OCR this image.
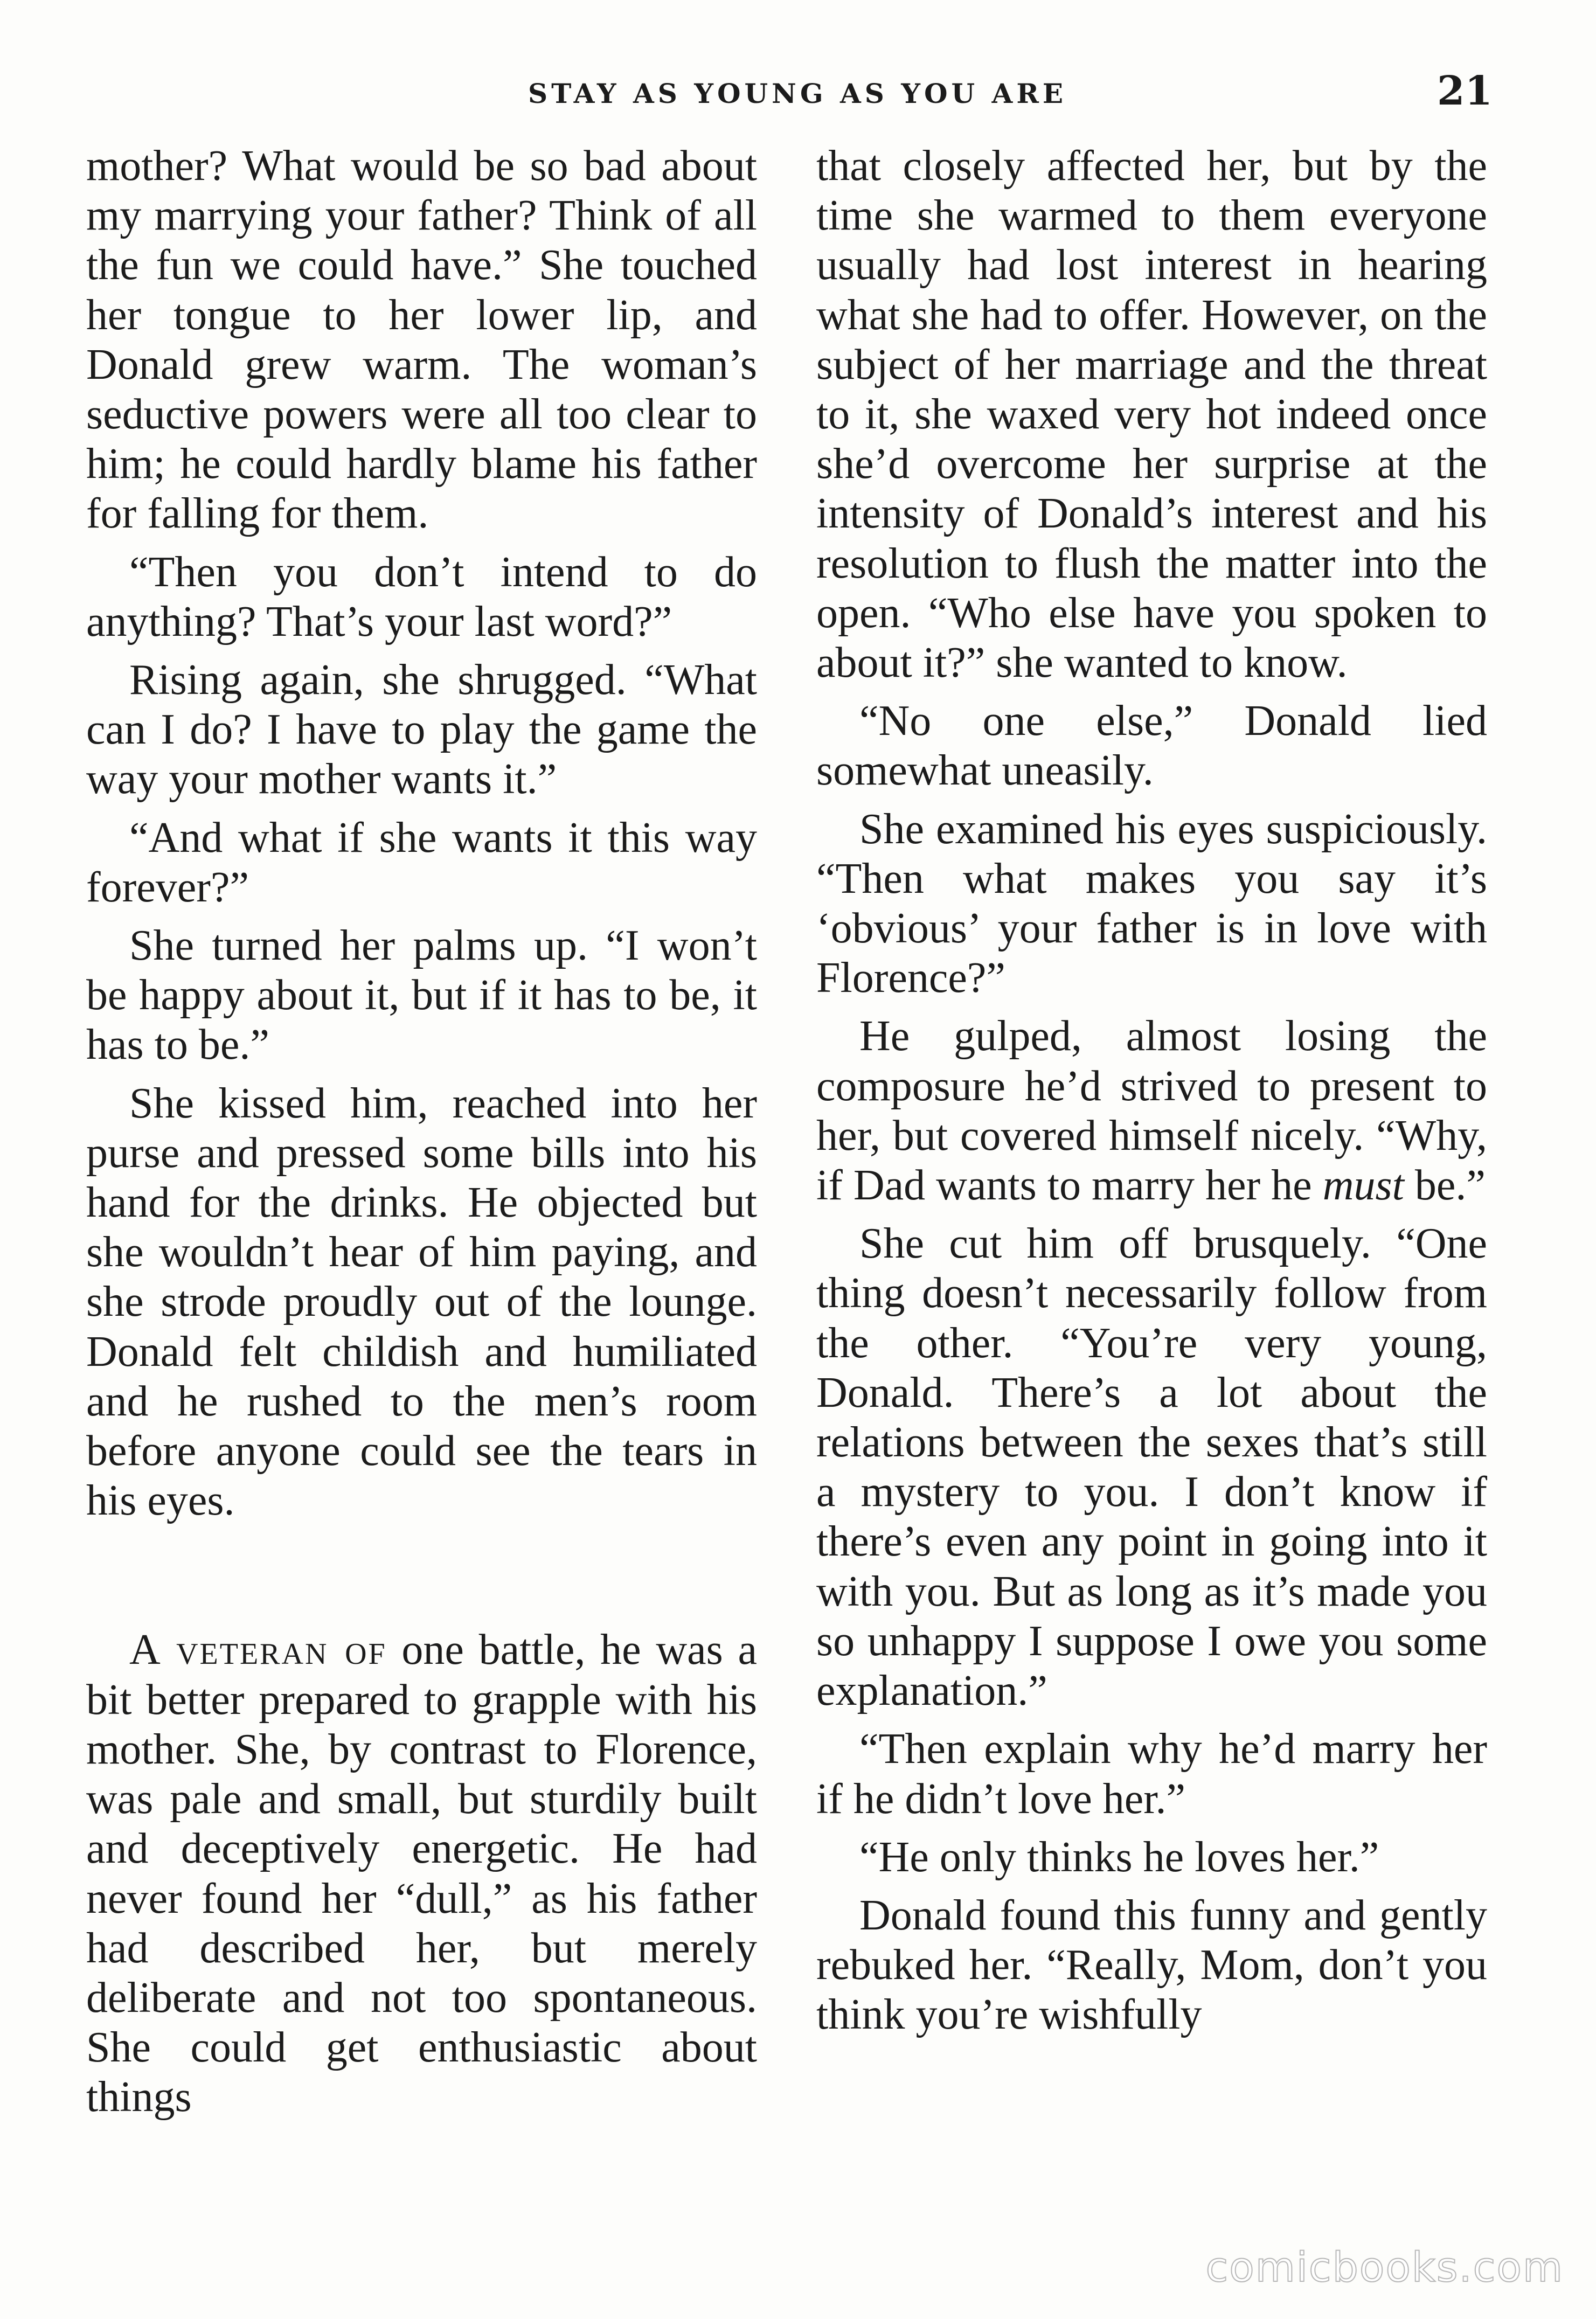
STAY AS YOUNG AS YOU ARE	21

mother? What would be so bad about my marrying your father? Think of all the fun we could have.” She touched her tongue to her lower lip, and Donald grew warm. The woman’s seductive powers were all too clear to him; he could hardly blame his father for falling for them.

“Then you don’t intend to do anything? That’s your last word?”

Rising again, she shrugged. “What can I do? I have to play the game the way your mother wants it.”

“And what if she wants it this way forever?”

She turned her palms up. “I won’t be happy about it, but if it has to be, it has to be.”

She kissed him, reached into her purse and pressed some bills into his hand for the drinks. He objected but she wouldn’t hear of him paying, and she strode proudly out of the lounge. Donald felt childish and humiliated and he rushed to the men’s room before anyone could see the tears in his eyes.

A veteran of one battle, he was a bit better prepared to grapple with his mother. She, by contrast to Florence, was pale and small, but sturdily built and deceptively energetic. He had never found her “dull,” as his father had described her, but merely deliberate and not too spontaneous. She could get enthusiastic about things

that closely affected her, but by the time she warmed to them everyone usually had lost interest in hearing what she had to offer. However, on the subject of her marriage and the threat to it, she waxed very hot indeed once she’d overcome her surprise at the intensity of Donald’s interest and his resolution to flush the matter into the open. “Who else have you spoken to about it?” she wanted to know.

“No one else,” Donald lied somewhat uneasily.

She examined his eyes suspiciously. “Then what makes you say it’s ‘obvious’ your father is in love with Florence?”

He gulped, almost losing the composure he’d strived to present to her, but covered himself nicely. “Why, if Dad wants to marry her he must be.”

She cut him off brusquely. “One thing doesn’t necessarily follow from the other. “You’re very young, Donald. There’s a lot about the relations between the sexes that’s still a mystery to you. I don’t know if there’s even any point in going into it with you. But as long as it’s made you so unhappy I suppose I owe you some explanation.”

“Then explain why he’d marry her if he didn’t love her.”

“He only thinks he loves her.”

Donald found this funny and gently rebuked her. “Really, Mom, don’t you think you’re wishfully

comicbooks.com
